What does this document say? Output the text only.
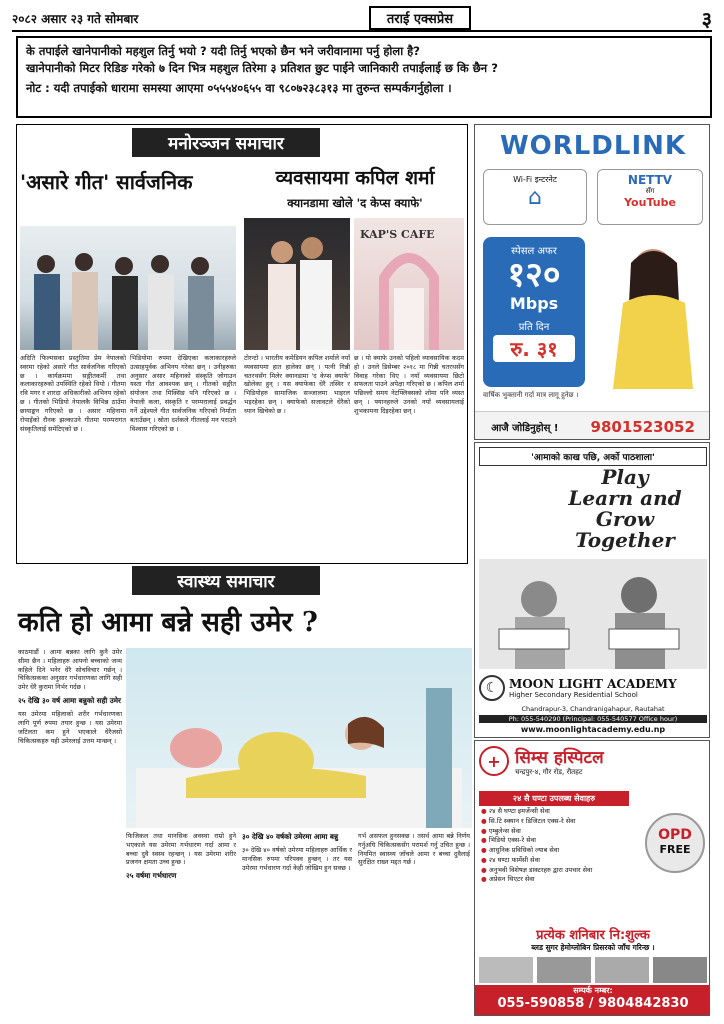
२०८२ असार २३ गते सोमबार	तराई एक्सप्रेस	३
के तपाईले खानेपानीको महशुल तिर्नु भयो ? यदी तिर्नु भएको छैन भने जरीवानामा पर्नु होला है?
खानेपानीको मिटर रिडिङ गरेको ७ दिन भित्र महशुल तिरेमा ३ प्रतिशत छुट पाईने जानिकारी तपाईलाई छ कि छैन ?
नोट : यदी तपाईको धारामा समस्या आएमा ०५५५४०६५५ वा ९८०७२३८३१३ मा तुरुन्त सम्पर्कगर्नुहोला ।
मनोरञ्जन समाचार
'असारे गीत' सार्वजनिक
अदिति फिल्मसका प्रस्तुतिमा प्रेम नेपालको स्वरमा रहेको असारे गीत सार्वजनिक गरिएको छ । कार्यक्रममा सङ्गीतकर्मी तथा कलाकारहरुको उपस्थिति रहेको थियो । गीतमा रवि मगर र शारदा अधिकारीको अभिनय रहेको छ । गीतको भिडियो नेपालकै विभिन्न ठाउँमा छायाङ्कन गरिएको छ । असार महिनामा रोपाइँको रौनक झल्काउने गीतमा परम्परागत संस्कृतिलाई समेटिएको छ ।
भिडियोमा रुपमा देखिएका कलाकारहरुले उत्साहपूर्वक अभिनय गरेका छन् । उनीहरुका अनुसार असार महिनाको संस्कृति जोगाउन यस्ता गीत आवश्यक छन् । गीतको सङ्गीत संयोजन तथा मिक्सिङ पनि गरिएको छ । नेपाली कला, संस्कृति र परम्परालाई प्रवर्द्धन गर्ने उद्देश्यले गीत सार्वजनिक गरिएको निर्माता बताउँछन् । स्रोता दर्शकले गीतलाई मन पराउने विश्वास गरिएको छ ।
व्यवसायमा कपिल शर्मा
क्यानडामा खोले 'द केप्स क्याफे'
KAP'S CAFE
टोरन्टो । भारतीय कमेडियन कपिल शर्माले नयाँ व्यवसायमा हात हालेका छन् । पत्नी गिन्नी चतरथसँग मिलेर क्यानडामा 'द केप्स क्याफे' खोलेका हुन् । यस क्याफेका धेरै तस्विर र भिडियोहरु सामाजिक सञ्जालमा भाइरल भइरहेका छन् । क्याफेको सजावटले धेरैको ध्यान खिचेको छ ।
छ । यो क्याफे उनको पहिलो व्यावसायिक कदम हो । उनले डिसेम्बर २०१८ मा गिन्नी चतरथसँग विवाह गरेका थिए । नयाँ व्यवसायमा छिटो सफलता पाउने अपेक्षा गरिएको छ । कपिल शर्मा पछिल्लो समय नेटफ्लिक्सको शोमा पनि व्यस्त छन् । फ्यानहरुले उनको नयाँ व्यवसायलाई शुभकामना दिइरहेका छन् ।
स्वास्थ्य समाचार
कति हो आमा बन्ने सही उमेर ?
काठमाडौं । आमा बन्नका लागि कुनै उमेर सीमा छैन । महिलाहरु आफ्नो बच्चाको जन्म कहिले दिने भनेर धेरै सोचविचार गर्छन् । चिकित्सकका अनुसार गर्भधारणका लागि सही उमेर धेरै कुरामा निर्भर गर्दछ ।
२५ देखि ३० वर्ष आमा बन्नुको सही उमेर
यस उमेरमा महिलाको शरीर गर्भधारणका लागि पूर्ण रुपमा तयार हुन्छ । यस उमेरमा जटिलता कम हुने भएकाले धेरैजसो चिकित्सकहरु यही उमेरलाई उत्तम मान्छन् ।
फिजिकल तथा मानसिक अवस्था राम्रो हुने भएकाले यस उमेरमा गर्भधारण गर्दा आमा र बच्चा दुवै स्वस्थ रहन्छन् । यस उमेरमा शरीर प्रजनन क्षमता उच्च हुन्छ ।
२५ वर्षमा गर्भधारण
३० देखि ४० वर्षको उमेरमा आमा बन्नु
३० देखि ४० वर्षको उमेरमा महिलाहरु आर्थिक र मानसिक रुपमा परिपक्व हुन्छन् । तर यस उमेरमा गर्भधारण गर्दा केही जोखिम हुन सक्छ ।
गर्भ असफल हुनसक्छ । तसर्थ आमा बन्ने निर्णय गर्नुअघि चिकित्सकसँग परामर्श गर्नु उचित हुन्छ । नियमित स्वास्थ्य जाँचले आमा र बच्चा दुवैलाई सुरक्षित राख्न मद्दत गर्छ ।
WORLDLINK
Wi-Fi इन्टरनेट
⌂
NETTV
सँग
YouTube
स्पेसल अफर
१२०
Mbps
प्रति दिन
रु. ३१
वार्षिक भुक्तानी गर्दा मात्र लागू हुनेछ ।
आजै जोडिनुहोस् ! 9801523052
'आमाको काख पछि, अर्को पाठशाला'
Play
Learn and
Grow
Together
☾ MOON LIGHT ACADEMY
Higher Secondary Residential School
Chandrapur-3, Chandranigahapur, Rautahat
Ph: 055-540290 (Principal: 055-540577 Office hour)
www.moonlightacademy.edu.np
+ सिम्स हस्पिटल
चन्द्रपुर-४, गौर रोड, रौतहट
२४ सै घण्टा उपलब्ध सेवाहरु
● २४ सै घण्टा इमर्जेन्सी सेवा
● सि.टि स्क्यान र डिजिटल एक्स-रे सेवा
● एम्बुलेन्स सेवा
● भिडियो एक्स-रे सेवा
● आधुनिक प्रविधिको ल्याब सेवा
● २४ घण्टा फार्मेसी सेवा
● अनुभवी विशेषज्ञ डाक्टरहरु द्वारा उपचार सेवा
● अप्रेसन थिएटर सेवा
OPD
FREE
प्रत्येक शनिबार नि:शुल्क
ब्लड सुगर हेमोग्लोबिन प्रिसरको जाँच गरिन्छ ।
सम्पर्क नम्बर:
055-590858 / 9804842830
